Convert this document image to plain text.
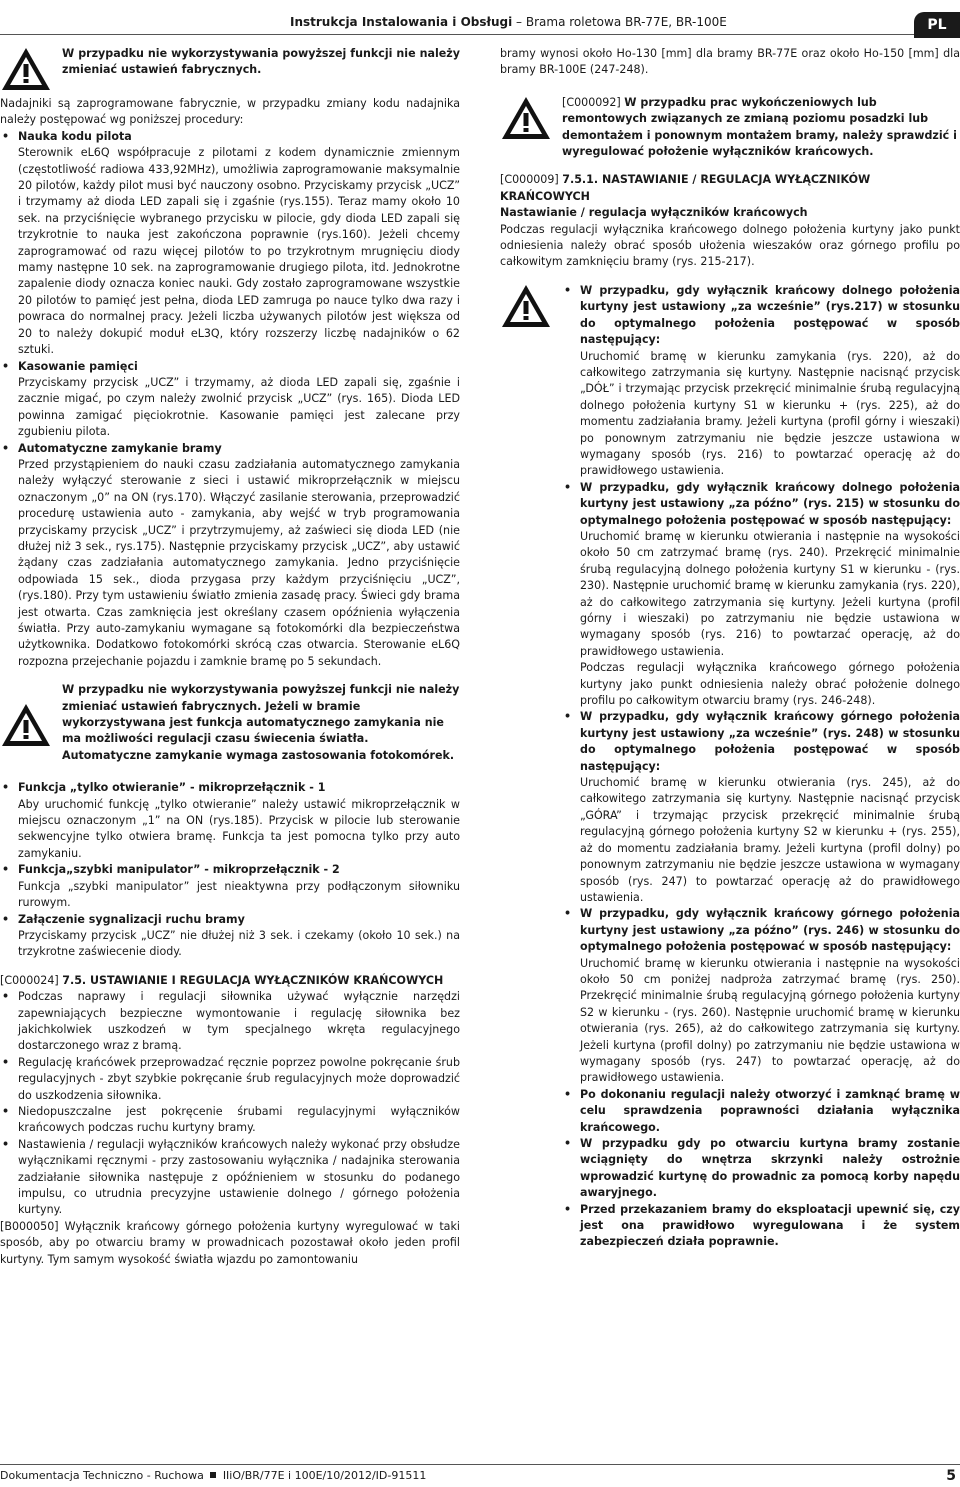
Instrukcja Instalowania i Obsługi – Brama roletowa BR-77E, BR-100E	PL

W przypadku nie wykorzystywania powyższej funkcji nie należy zmieniać ustawień fabrycznych.

Nadajniki są zaprogramowane fabrycznie, w przypadku zmiany kodu nadajnika należy postępować wg poniższej procedury:

• Nauka kodu pilota

Sterownik eL6Q współpracuje z pilotami z kodem dynamicznie zmiennym (częstotliwość radiowa 433,92MHz), umożliwia zaprogramowanie maksymalnie 20 pilotów, każdy pilot musi być nauczony osobno. Przyciskamy przycisk „UCZ” i trzymamy aż dioda LED zapali się i zgaśnie (rys.155). Teraz mamy około 10 sek. na przyciśnięcie wybranego przycisku w pilocie, gdy dioda LED zapali się trzykrotnie to nauka jest zakończona poprawnie (rys.160). Jeżeli chcemy zaprogramować od razu więcej pilotów to po trzykrotnym mrugnięciu diody mamy następne 10 sek. na zaprogramowanie drugiego pilota, itd. Jednokrotne zapalenie diody oznacza koniec nauki. Gdy zostało zaprogramowane wszystkie 20 pilotów to pamięć jest pełna, dioda LED zamruga po nauce tylko dwa razy i powraca do normalnej pracy. Jeżeli liczba używanych pilotów jest większa od 20 to należy dokupić moduł eL3Q, który rozszerzy liczbę nadajników o 62 sztuki.

• Kasowanie pamięci

Przyciskamy przycisk „UCZ” i trzymamy, aż dioda LED zapali się, zgaśnie i zacznie migać, po czym należy zwolnić przycisk „UCZ” (rys. 165). Dioda LED powinna zamigać pięciokrotnie. Kasowanie pamięci jest zalecane przy zgubieniu pilota.

• Automatyczne zamykanie bramy

Przed przystąpieniem do nauki czasu zadziałania automatycznego zamykania należy wyłączyć sterowanie z sieci i ustawić mikroprzełącznik w miejscu oznaczonym „0” na ON (rys.170). Włączyć zasilanie sterowania, przeprowadzić procedurę ustawienia auto - zamykania, aby wejść w tryb programowania przyciskamy przycisk „UCZ” i przytrzymujemy, aż zaświeci się dioda LED (nie dłużej niż 3 sek., rys.175). Następnie przyciskamy przycisk „UCZ”, aby ustawić żądany czas zadziałania automatycznego zamykania. Jedno przyciśnięcie odpowiada 15 sek., dioda przygasa przy każdym przyciśnięciu „UCZ”, (rys.180). Przy tym ustawieniu światło zmienia zasadę pracy. Świeci gdy brama jest otwarta. Czas zamknięcia jest określany czasem opóźnienia wyłączenia światła. Przy auto-zamykaniu wymagane są fotokomórki dla bezpieczeństwa użytkownika. Dodatkowo fotokomórki skrócą czas otwarcia. Sterowanie eL6Q rozpozna przejechanie pojazdu i zamknie bramę po 5 sekundach.

W przypadku nie wykorzystywania powyższej funkcji nie należy zmieniać ustawień fabrycznych. Jeżeli w bramie wykorzystywana jest funkcja automatycznego zamykania nie ma możliwości regulacji czasu świecenia światła. Automatyczne zamykanie wymaga zastosowania fotokomórek.

• Funkcja „tylko otwieranie” - mikroprzełącznik - 1

Aby uruchomić funkcję „tylko otwieranie” należy ustawić mikroprzełącznik w miejscu oznaczonym „1” na ON (rys.185). Przycisk w pilocie lub sterowanie sekwencyjne tylko otwiera bramę. Funkcja ta jest pomocna tylko przy auto zamykaniu.

• Funkcja„szybki manipulator” - mikroprzełącznik - 2

Funkcja „szybki manipulator” jest nieaktywna przy podłączonym siłowniku rurowym.

• Załączenie sygnalizacji ruchu bramy

Przyciskamy przycisk „UCZ” nie dłużej niż 3 sek. i czekamy (około 10 sek.) na trzykrotne zaświecenie diody.

[C000024] 7.5. USTAWIANIE I REGULACJA WYŁĄCZNIKÓW KRAŃCOWYCH

• Podczas naprawy i regulacji siłownika używać wyłącznie narzędzi zapewniających bezpieczne wymontowanie i regulację siłownika bez jakichkolwiek uszkodzeń w tym specjalnego wkręta regulacyjnego dostarczonego wraz z bramą.

• Regulację krańcówek przeprowadzać ręcznie poprzez powolne pokręcanie śrub regulacyjnych - zbyt szybkie pokręcanie śrub regulacyjnych może doprowadzić do uszkodzenia siłownika.

• Niedopuszczalne jest pokręcenie śrubami regulacyjnymi wyłączników krańcowych podczas ruchu kurtyny bramy.

• Nastawienia / regulacji wyłączników krańcowych należy wykonać przy obsłudze wyłącznikami ręcznymi - przy zastosowaniu wyłącznika / nadajnika sterowania zadziałanie siłownika następuje z opóźnieniem w stosunku do podanego impulsu, co utrudnia precyzyjne ustawienie dolnego / górnego położenia kurtyny.

[B000050] Wyłącznik krańcowy górnego położenia kurtyny wyregulować w taki sposób, aby po otwarciu bramy w prowadnicach pozostawał około jeden profil kurtyny. Tym samym wysokość światła wjazdu po zamontowaniu

bramy wynosi około Ho-130 [mm] dla bramy BR-77E oraz około Ho-150 [mm] dla bramy BR-100E (247-248).

[C000092] W przypadku prac wykończeniowych lub remontowych związanych ze zmianą poziomu posadzki lub demontażem i ponownym montażem bramy, należy sprawdzić i wyregulować położenie wyłączników krańcowych.

[C000009] 7.5.1. NASTAWIANIE / REGULACJA WYŁĄCZNIKÓW KRAŃCOWYCH

Nastawianie / regulacja wyłączników krańcowych

Podczas regulacji wyłącznika krańcowego dolnego położenia kurtyny jako punkt odniesienia należy obrać sposób ułożenia wieszaków oraz górnego profilu po całkowitym zamknięciu bramy (rys. 215-217).

• W przypadku, gdy wyłącznik krańcowy dolnego położenia kurtyny jest ustawiony „za wcześnie” (rys.217) w stosunku do optymalnego położenia postępować w sposób następujący:

Uruchomić bramę w kierunku zamykania (rys. 220), aż do całkowitego zatrzymania się kurtyny. Następnie nacisnąć przycisk „DÓŁ” i trzymając przycisk przekręcić minimalnie śrubą regulacyjną dolnego położenia kurtyny S1 w kierunku + (rys. 225), aż do momentu zadziałania bramy. Jeżeli kurtyna (profil górny i wieszaki) po ponownym zatrzymaniu nie będzie jeszcze ustawiona w wymagany sposób (rys. 216) to powtarzać operację aż do prawidłowego ustawienia.

• W przypadku, gdy wyłącznik krańcowy dolnego położenia kurtyny jest ustawiony „za późno” (rys. 215) w stosunku do optymalnego położenia postępować w sposób następujący:

Uruchomić bramę w kierunku otwierania i następnie na wysokości około 50 cm zatrzymać bramę (rys. 240). Przekręcić minimalnie śrubą regulacyjną dolnego położenia kurtyny S1 w kierunku - (rys. 230). Następnie uruchomić bramę w kierunku zamykania (rys. 220), aż do całkowitego zatrzymania się kurtyny. Jeżeli kurtyna (profil górny i wieszaki) po zatrzymaniu nie będzie ustawiona w wymagany sposób (rys. 216) to powtarzać operację, aż do prawidłowego ustawienia.

Podczas regulacji wyłącznika krańcowego górnego położenia kurtyny jako punkt odniesienia należy obrać położenie dolnego profilu po całkowitym otwarciu bramy (rys. 246-248).

• W przypadku, gdy wyłącznik krańcowy górnego położenia kurtyny jest ustawiony „za wcześnie” (rys. 248) w stosunku do optymalnego położenia postępować w sposób następujący:

Uruchomić bramę w kierunku otwierania (rys. 245), aż do całkowitego zatrzymania się kurtyny. Następnie nacisnąć przycisk „GÓRA” i trzymając przycisk przekręcić minimalnie śrubą regulacyjną górnego położenia kurtyny S2 w kierunku + (rys. 255), aż do momentu zadziałania bramy. Jeżeli kurtyna (profil dolny) po ponownym zatrzymaniu nie będzie jeszcze ustawiona w wymagany sposób (rys. 247) to powtarzać operację aż do prawidłowego ustawienia.

• W przypadku, gdy wyłącznik krańcowy górnego położenia kurtyny jest ustawiony „za późno” (rys. 246) w stosunku do optymalnego położenia postępować w sposób następujący:

Uruchomić bramę w kierunku otwierania i następnie na wysokości około 50 cm poniżej nadproża zatrzymać bramę (rys. 250). Przekręcić minimalnie śrubą regulacyjną górnego położenia kurtyny S2 w kierunku - (rys. 260). Następnie uruchomić bramę w kierunku otwierania (rys. 265), aż do całkowitego zatrzymania się kurtyny. Jeżeli kurtyna (profil dolny) po zatrzymaniu nie będzie ustawiona w wymagany sposób (rys. 247) to powtarzać operację, aż do prawidłowego ustawienia.

• Po dokonaniu regulacji należy otworzyć i zamknąć bramę w celu sprawdzenia poprawności działania wyłącznika krańcowego.

• W przypadku gdy po otwarciu kurtyna bramy zostanie wciągnięty do wnętrza skrzynki należy ostrożnie wprowadzić kurtynę do prowadnic za pomocą korby napędu awaryjnego.

• Przed przekazaniem bramy do eksploatacji upewnić się, czy jest ona prawidłowo wyregulowana i że system zabezpieczeń działa poprawnie.

Dokumentacja Techniczno - Ruchowa IIiO/BR/77E i 100E/10/2012/ID-91511	5
